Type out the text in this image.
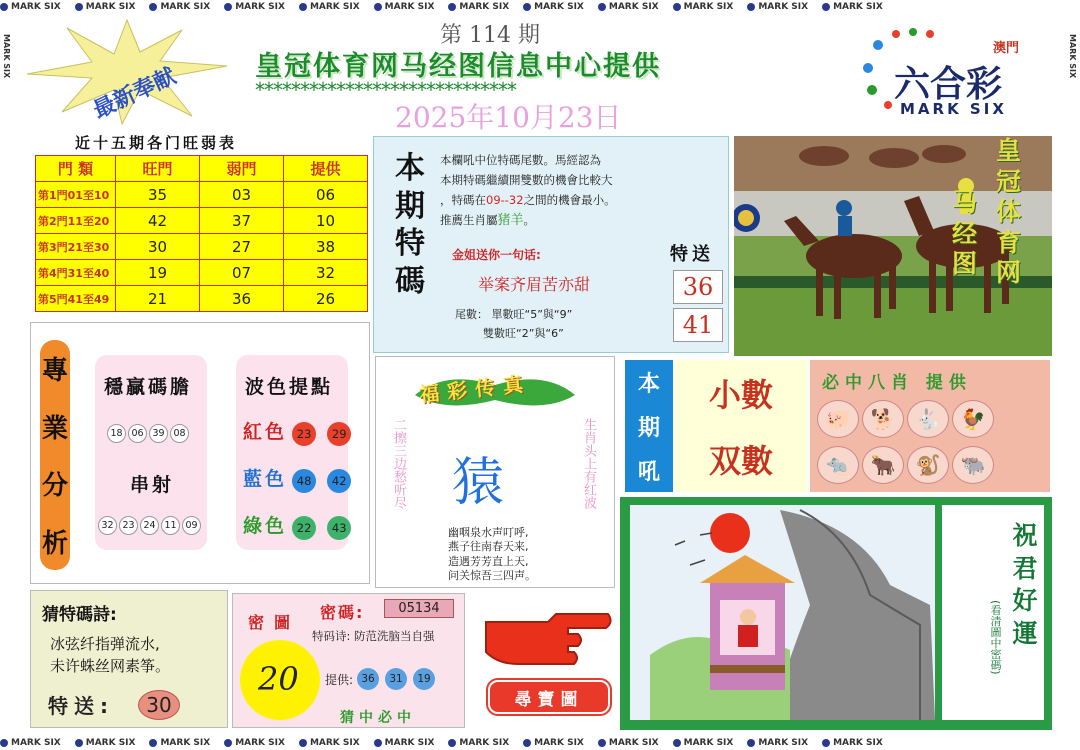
MARK SIX	MARK SIX	MARK SIX	MARK SIX	MARK SIX	MARK SIX	MARK SIX	MARK SIX	MARK SIX	MARK SIX	MARK SIX	MARK SIX
MARK SIX	MARK SIX	MARK SIX	MARK SIX	MARK SIX	MARK SIX	MARK SIX	MARK SIX	MARK SIX	MARK SIX	MARK SIX	MARK SIX
MARK SIX	MARK SIX
最新奉献
第 114 期
皇冠体育网马经图信息中心提供
*****************************
2025年10月23日
澳門
六合彩
MARK SIX
近十五期各门旺弱表
門 類	旺門	弱門	提供
第1門01至10	35	03	06
第2門11至20	42	37	10
第3門21至30	30	27	38
第4門31至40	19	07	32
第5門41至49	21	36	26
本
期
特
碼
本欄吼中位特碼尾數。馬經認為
本期特碼繼續開雙數的機會比較大
，特碼在09--32之間的機會最小。
推薦生肖屬猪羊。
金姐送你一句话:
举案齐眉苦亦甜
特送
36
41
尾數： 單數旺“5”與“9”
雙數旺“2”與“6”
皇
冠
体
育
网
马
经
图
專
業
分
析
穩贏碼膽
18 06 39 08
串射
32 23 24 11 09
波色提點
紅色 23 29
藍色 48 42
綠色 22 43
福彩传真
二擦三边愁听尽	生肖头上有红波
猿
幽咽泉水声叮呼,
燕子往南春天来,
造遇芳芳直上天,
问关惊吾三四声。
本
期
吼
小數
双數
必中八肖 提供
🐖	🐕	🐇	🐓
🐀	🐂	🐒	🐃
祝
君
好
運
(看清圖中密碼)
猜特碼詩:
冰弦纤指弹流水,
未许蛛丝网素筝。
特送:	30
密圖
密碼:	05134
特码诗: 防范洗脑当自强
20 提供: 36	31	19
猜中必中
尋寶圖
